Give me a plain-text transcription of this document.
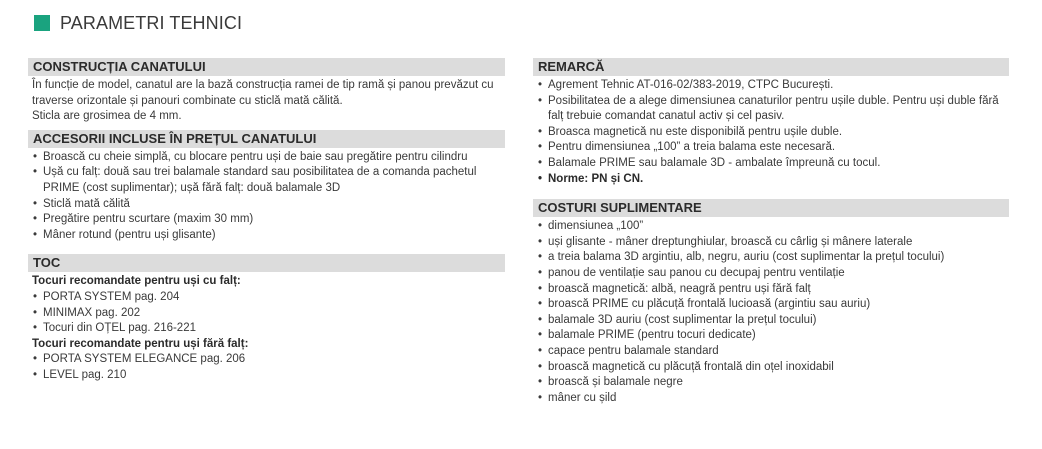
PARAMETRI TEHNICI
CONSTRUCȚIA CANATULUI

În funcție de model, canatul are la bază construcția ramei de tip ramă și panou prevăzut cu traverse orizontale și panouri combinate cu sticlă mată călită.

Sticla are grosimea de 4 mm.

ACCESORII INCLUSE ÎN PREȚUL CANATULUI
• Broască cu cheie simplă, cu blocare pentru uși de baie sau pregătire pentru cilindru
• Ușă cu falț: două sau trei balamale standard sau posibilitatea de a comanda pachetul PRIME (cost suplimentar); ușă fără falț: două balamale 3D
• Sticlă mată călită
• Pregătire pentru scurtare (maxim 30 mm)
• Mâner rotund (pentru uși glisante)
TOC
Tocuri recomandate pentru uși cu falț:
• PORTA SYSTEM pag. 204
• MINIMAX pag. 202
• Tocuri din OȚEL pag. 216-221
Tocuri recomandate pentru uși fără falț:
• PORTA SYSTEM ELEGANCE pag. 206
• LEVEL pag. 210
REMARCĂ
• Agrement Tehnic AT-016-02/383-2019, CTPC București.
• Posibilitatea de a alege dimensiunea canaturilor pentru ușile duble. Pentru uși duble fără falț trebuie comandat canatul activ și cel pasiv.
• Broasca magnetică nu este disponibilă pentru ușile duble.
• Pentru dimensiunea „100” a treia balama este necesară.
• Balamale PRIME sau balamale 3D - ambalate împreună cu tocul.
• Norme: PN și CN.
COSTURI SUPLIMENTARE
• dimensiunea „100”
• uși glisante - mâner dreptunghiular, broască cu cârlig și mânere laterale
• a treia balama 3D argintiu, alb, negru, auriu (cost suplimentar la prețul tocului)
• panou de ventilație sau panou cu decupaj pentru ventilație
• broască magnetică: albă, neagră pentru uși fără falț
• broască PRIME cu plăcuță frontală lucioasă (argintiu sau auriu)
• balamale 3D auriu (cost suplimentar la prețul tocului)
• balamale PRIME (pentru tocuri dedicate)
• capace pentru balamale standard
• broască magnetică cu plăcuță frontală din oțel inoxidabil
• broască și balamale negre
• mâner cu șild
